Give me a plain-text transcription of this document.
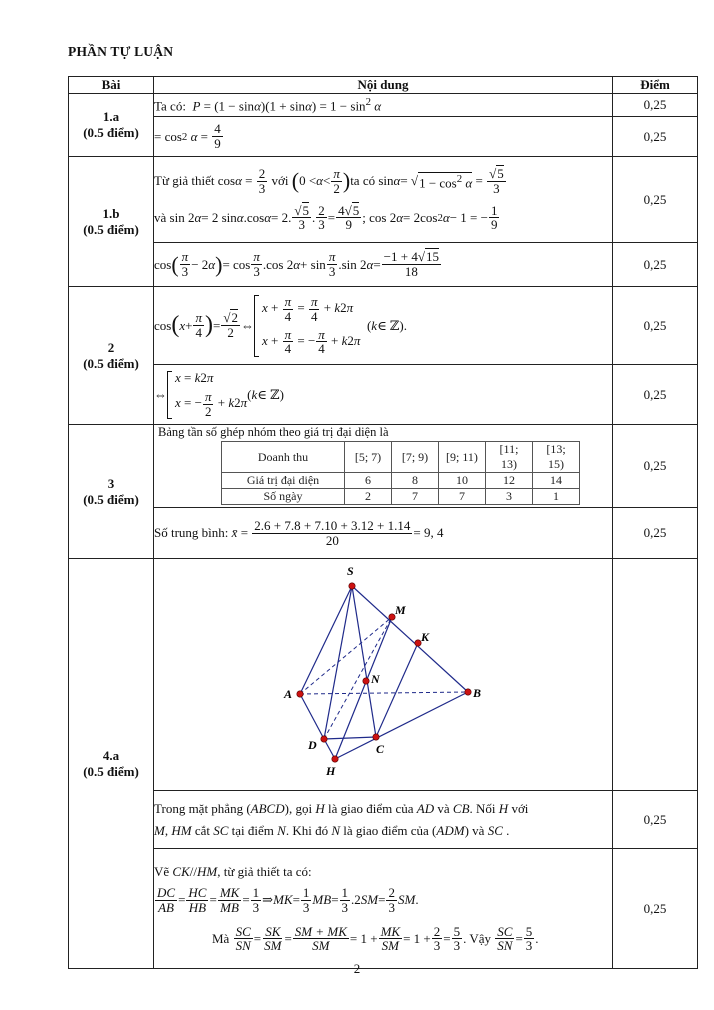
PHẦN TỰ LUẬN
Bài	Nội dung	Điểm

1.a
(0.5 điểm)
	Ta có:  $P = (1 - \sin\alpha)(1 + \sin\alpha) = 1 - \sin^2 \alpha$	0,25

= cos 2
$\alpha = \frac{4}{9}$	0,25

1.b
(0.5 điểm)

Từ giả thiết $\cos \alpha = \frac{2}{3}$
với
( $0 < \alpha < \frac{\pi}{2}$ ) ta có sin α = √ $1 - \cos^2 \alpha = \frac{√5}{3}$
và sin 2 α = 2 sin α .cos α = 2. $\frac{√5}{3}$ . $\frac{2}{3} = \frac{4√5}{9}$ ; cos 2 α = 2cos 2 α − 1 = − $\frac{1}{9}$
	0,25

cos ( $\frac{\pi}{3} - 2$ α ) = $\cos \frac{\pi}{3} .\cos$ 2 $\alpha + \sin \frac{\pi}{3} .\sin$ 2 $\alpha = \frac{-1 + 4√15}{18}$	0,25

2
(0.5 điểm)

cos ( $x + \frac{\pi}{4}$ ) = $\frac{√2}{2}$ ⇔
$x + \frac{\pi}{4} = \frac{\pi}{4} + k2\pi$
$x + \frac{\pi}{4}$ = − $\frac{\pi}{4} + k2\pi$
( k ∈ ℤ).	0,25

⇔
x = k2π
x = − $\frac{\pi}{2} + k2\pi$
( k ∈ ℤ)	0,25

3
(0.5 điểm)

Bảng tần số ghép nhóm theo giá trị đại diện là
Doanh thu	[5; 7)	[7; 9)	[9; 11)	[11; 13)	[13; 15)
Giá trị đại diện	6	8	10	12	14
Số ngày	2	7	7	3	1
	0,25

Số trung bình:
x̄ = $\frac{2.6 + 7.8 + 7.10 + 3.12 + 1.14}{20} = 9$, 4	0,25

4.a
(0.5 điểm)

S
M
K
A
N
B
D	C
H

Trong mặt phẳng ( ABCD ) , gọi
H
là giao điểm của
AD
và
CB . Nối
H
với
M ,
HM
cắt
SC
tại điểm
N . Khi đó
N
là giao điểm của ( ADM ) và
SC .
	0,25

Vẽ
CK // HM , từ giả thiết ta có:
$\frac{DC}{AB} = \frac{HC}{HB} = \frac{MK}{MB} = \frac{1}{3}$ ⇒ MK = $\frac{1}{3}$ MB = $\frac{1}{3} .2$ SM = $\frac{2}{3}$ SM .
Mà
$\frac{SC}{SN} = \frac{SK}{SM} = \frac{SM + MK}{SM} = 1 + \frac{MK}{SM} = 1 + \frac{2}{3} = \frac{5}{3}$ . Vậy
$\frac{SC}{SN} = \frac{5}{3}$ .
	0,25
2
